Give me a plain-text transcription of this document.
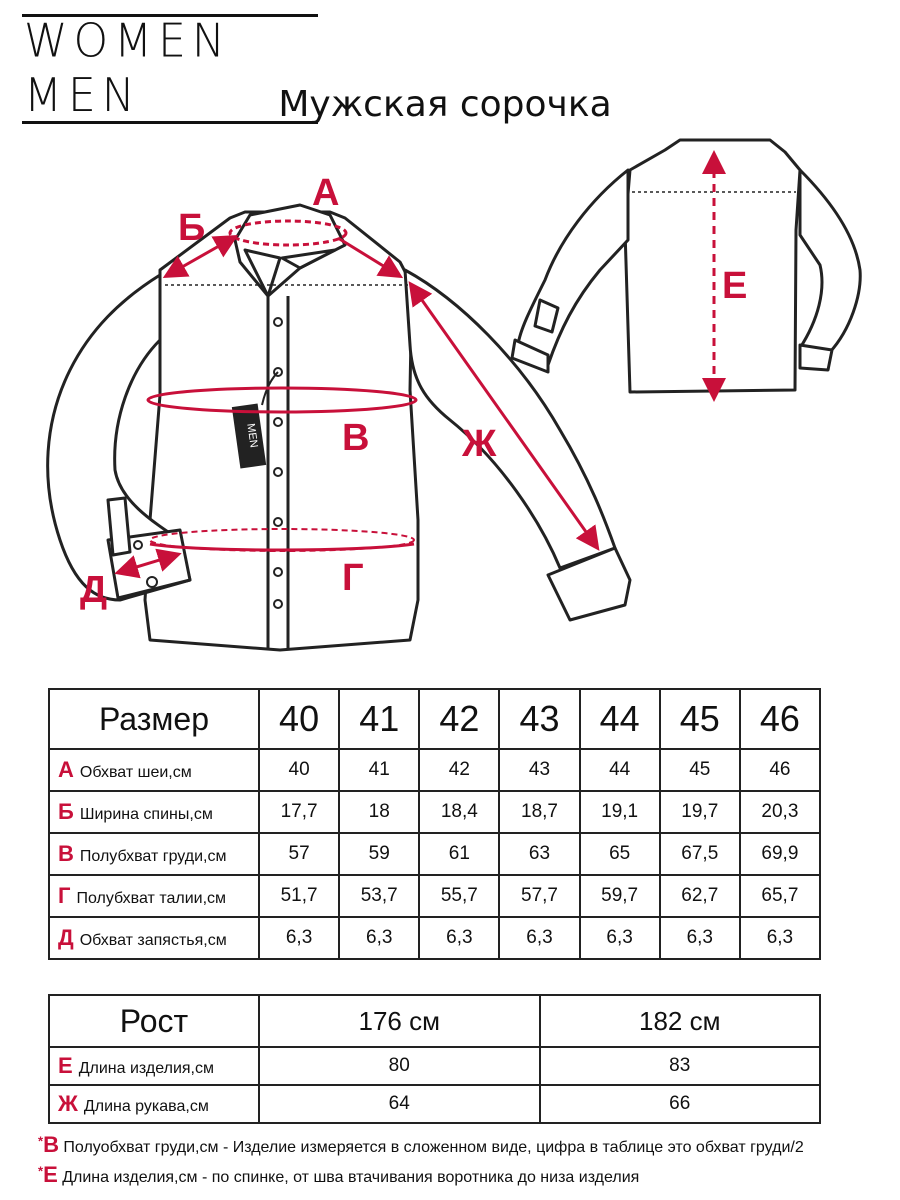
WOMEN MEN	Мужская сорочка
MEN
А
Б
В
Г
Д
Е
Ж
Размер	40	41	42	43	44	45	46
А Обхват шеи,см	40	41	42	43	44	45	46
Б Ширина спины,см	17,7	18	18,4	18,7	19,1	19,7	20,3
В Полубхват груди,см	57	59	61	63	65	67,5	69,9
Г Полубхват талии,см	51,7	53,7	55,7	57,7	59,7	62,7	65,7
Д Обхват запястья,см	6,3	6,3	6,3	6,3	6,3	6,3	6,3
Рост	176 см	182 см
Е Длина изделия,см	80	83
Ж Длина рукава,см	64	66
*В Полуобхват груди,см - Изделие измеряется в сложенном виде, цифра в таблице это обхват груди/2
*Е Длина изделия,см - по спинке, от шва втачивания воротника до низа изделия
